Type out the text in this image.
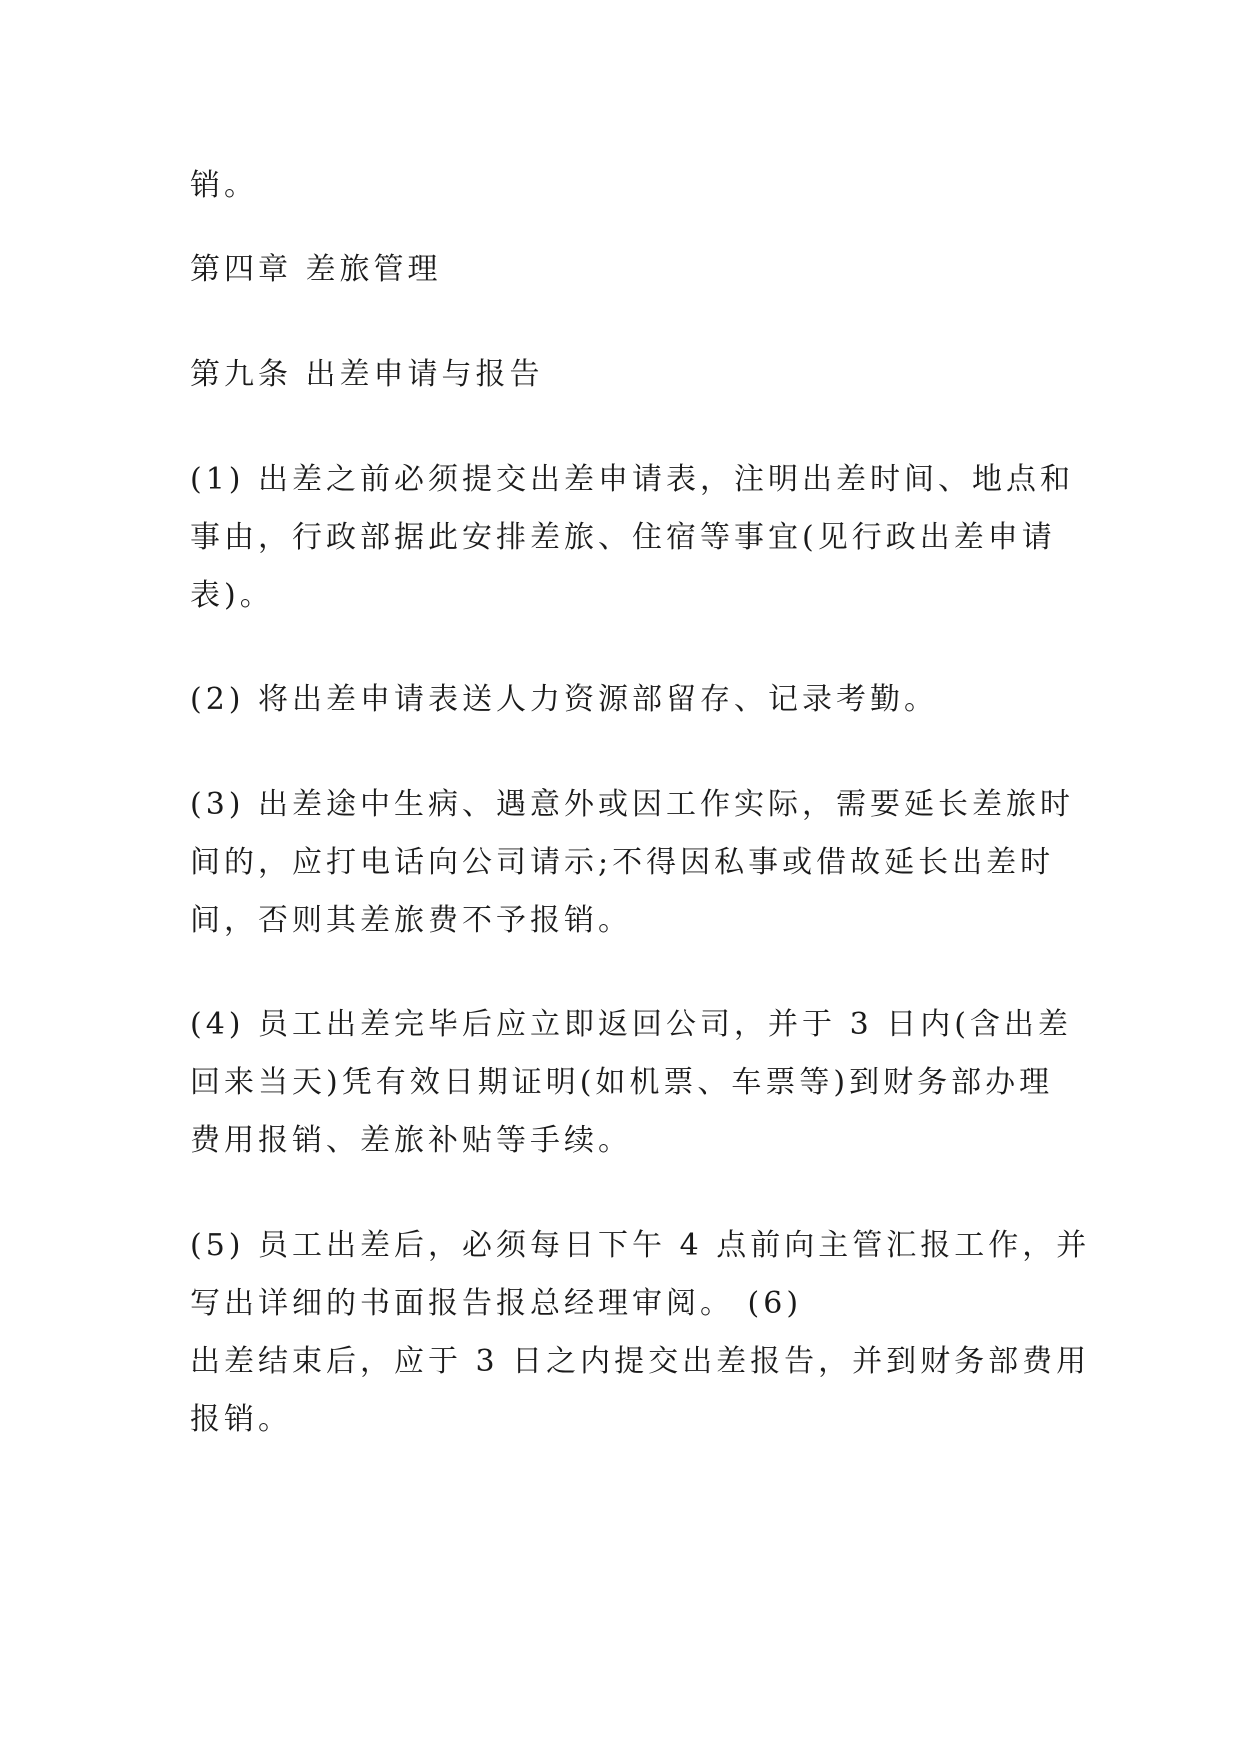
销。
第四章 差旅管理
第九条 出差申请与报告
(1) 出差之前必须提交出差申请表，注明出差时间、地点和
事由，行政部据此安排差旅、住宿等事宜(见行政出差申请
表)。
(2) 将出差申请表送人力资源部留存、记录考勤。
(3) 出差途中生病、遇意外或因工作实际，需要延长差旅时
间的，应打电话向公司请示;不得因私事或借故延长出差时
间，否则其差旅费不予报销。
(4) 员工出差完毕后应立即返回公司，并于 3 日内(含出差
回来当天)凭有效日期证明(如机票、车票等)到财务部办理
费用报销、差旅补贴等手续。
(5) 员工出差后，必须每日下午 4 点前向主管汇报工作，并
写出详细的书面报告报总经理审阅。 (6)
出差结束后，应于 3 日之内提交出差报告，并到财务部费用
报销。
